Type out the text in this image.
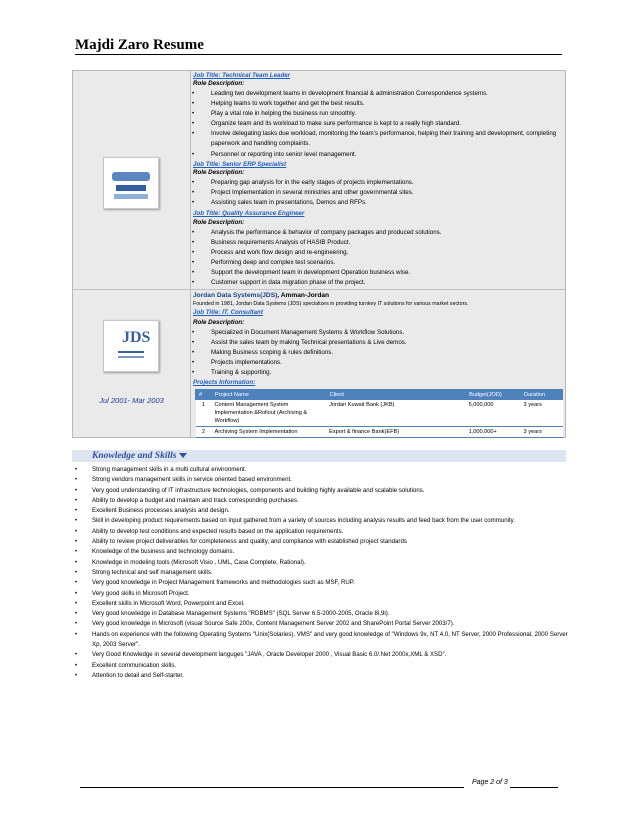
Majdi Zaro Resume
Job Title: Technical Team Leader
Role Description:
•	Leading two development teams in development financial & administration Correspondence systems.
•	Helping teams to work together and get the best results.
•	Play a vital role in helping the business run smoothly.
•	Organize team and its workload to make sure performance is kept to a really high standard.
•	Involve delegating tasks due workload, monitoring the team’s performance, helping their training and development, completing paperwork and handling complaints.
•	Personnel or reporting into senior level management.
Job Title: Senior ERP Specialist
Role Description:
•	Preparing gap analysis for in the early stages of projects implementations.
•	Project Implementation in several ministries and other governmental sites.
•	Assisting sales team in presentations, Demos and RFPs.
Job Title: Quality Assurance Engineer
Role Description:
•	Analysis the performance & behavior of company packages and produced solutions.
•	Business requirements Analysis of HASIB Product.
•	Process and work flow design and re-engineering.
•	Performing deep and complex test scenarios.
•	Support the development team in development Operation business wise.
•	Customer support in data migration phase of the project.
JDS
Jul 2001- Mar 2003
Jordan Data Systems(JDS), Amman-Jordan
Founded in 1981, Jordan Data Systems (JDS) specializes in providing turnkey IT solutions for various market sectors.
Job Title: IT. Consultant
Role Description:
•	Specialized in Document Management Systems & Workflow Solutions.
•	Assist the sales team by making Technical presentations & Live demos.
•	Making Business scoping & rules definitions.
•	Projects implementations.
•	Training & supporting.
Projects Information:
#	Project Name	Client	Budget(JOD)	Duration
1	Content Management System Implementation &Rollout (Archiving & Workflow)	Jordan Kuwait Bank (JKB)	5,000,000	3 years
2	Archiving System Implementation	Export & finance Bank(EFB)	1,000,000+	3 years
Knowledge and Skills
• Strong management skills in a multi cultural environment.
• Strong vendors management skills in service oriented based environment.
• Very good understanding of IT infrastructure technologies, components and building highly available and scalable solutions.
• Ability to develop a budget and maintain and track corresponding purchases.
• Excellent Business processes analysis and design.
• Skill in developing product requirements based on input gathered from a variety of sources including analysis results and feed back from the user community.
• Ability to develop test conditions and expected results based on the application requirements.
• Ability to review project deliverables for completeness and quality, and compliance with established project standards
• Knowledge of the business and technology domains.
• Knowledge in modeling tools (Microsoft Visio , UML, Case Complete, Rational).
• Strong technical and self management skills.
• Very good knowledge in Project Management frameworks and methodologies such as MSF, RUP.
• Very good skills in Microsoft Project.
• Excellent skills in Microsoft Word, Powerpoint and Excel.
• Very good knowledge in Database Management Systems "RDBMS" (SQL Server 6.5-2000-2005, Oracle 8i,9i).
• Very good knowledge in Microsoft (visual Source Safe 200x, Content Management Server 2002 and SharePoint Portal Server 2003/7).
• Hands on experience with the following Operating Systems "Unix(Solaries), VMS" and very good knowledge of "Windows 9x, NT 4.0, NT Server, 2000 Professional, 2000 Server Xp, 2003 Server".
• Very Good Knowledge in several development languges "JAVA , Oracle Developer 2000 , Visual Basic 6.0/.Net 2000x,XML & XSD".
• Excellent communication skills.
• Attention to detail and Self-starter.
Page 2 of 3
